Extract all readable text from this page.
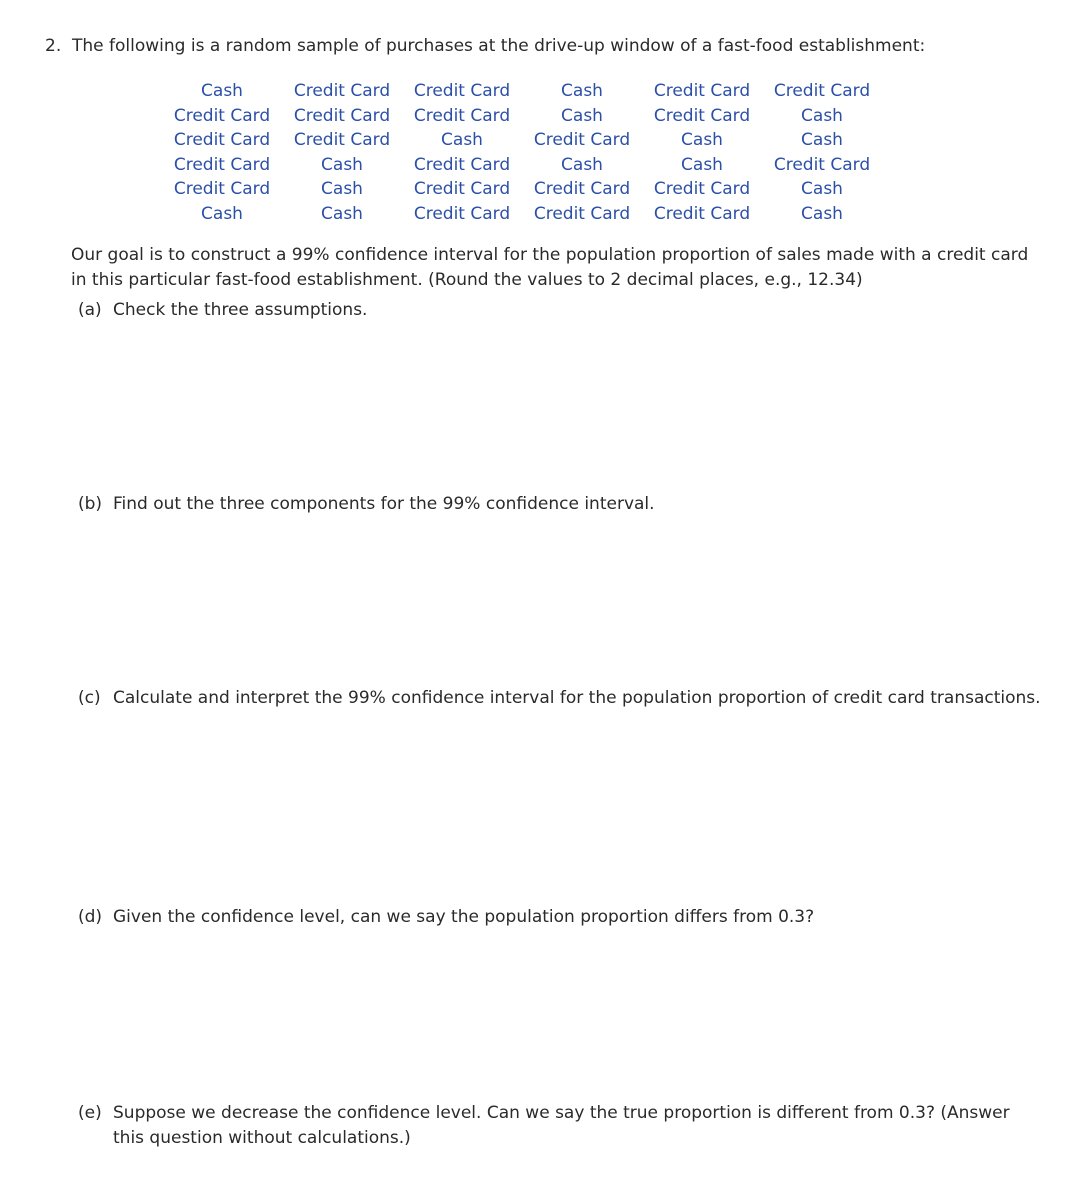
2. The following is a random sample of purchases at the drive-up window of a fast-food establishment:
Cash	Credit Card	Credit Card	Cash	Credit Card	Credit Card
Credit Card	Credit Card	Credit Card	Cash	Credit Card	Cash
Credit Card	Credit Card	Cash	Credit Card	Cash	Cash
Credit Card	Cash	Credit Card	Cash	Cash	Credit Card
Credit Card	Cash	Credit Card	Credit Card	Credit Card	Cash
Cash	Cash	Credit Card	Credit Card	Credit Card	Cash
Our goal is to construct a 99% confidence interval for the population proportion of sales made with a credit card in this particular fast-food establishment. (Round the values to 2 decimal places, e.g., 12.34)
(a) Check the three assumptions.
(b) Find out the three components for the 99% confidence interval.
(c) Calculate and interpret the 99% confidence interval for the population proportion of credit card transactions.
(d) Given the confidence level, can we say the population proportion differs from 0.3?
(e) Suppose we decrease the confidence level. Can we say the true proportion is different from 0.3? (Answer this question without calculations.)
